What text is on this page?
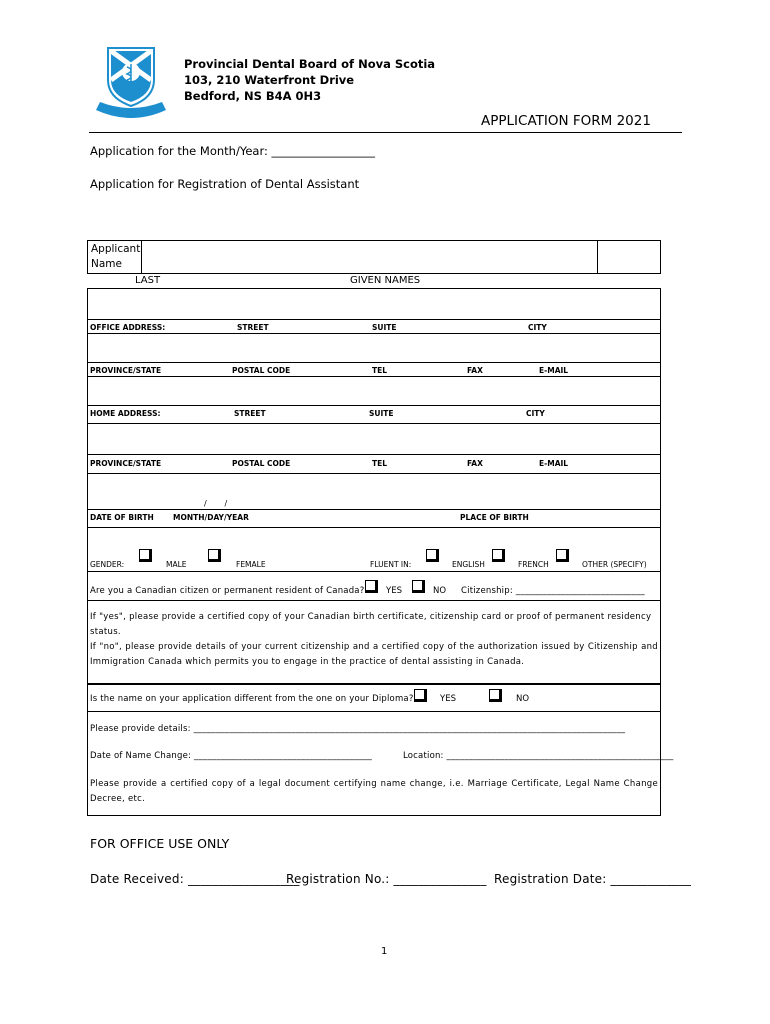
Provincial Dental Board of Nova Scotia
103, 210 Waterfront Drive
Bedford, NS B4A 0H3
APPLICATION FORM 2021
Application for the Month/Year: __________________
Application for Registration of Dental Assistant
Applicant
Name
LAST	GIVEN NAMES
OFFICE ADDRESS:	STREET	SUITE	CITY
PROVINCE/STATE	POSTAL CODE	TEL	FAX	E-MAIL
HOME ADDRESS:	STREET	SUITE	CITY
PROVINCE/STATE	POSTAL CODE	TEL	FAX	E-MAIL
/       /
DATE OF BIRTH	MONTH/DAY/YEAR	PLACE OF BIRTH
GENDER:	MALE	FEMALE	FLUENT IN:	ENGLISH	FRENCH	OTHER (SPECIFY)
Are you a Canadian citizen or permanent resident of Canada?	YES	NO Citizenship: _____________________________
If "yes", please provide a certified copy of your Canadian birth certificate, citizenship card or proof of permanent residency status.
If "no", please provide details of your current citizenship and a certified copy of the authorization issued by Citizenship and Immigration Canada which permits you to engage in the practice of dental assisting in Canada.
Is the name on your application different from the one on your Diploma?	YES	NO
Please provide details: _________________________________________________________________________________________________
Date of Name Change: ________________________________________	Location: ___________________________________________________
Please provide a certified copy of a legal document certifying name change, i.e. Marriage Certificate, Legal Name Change Decree, etc.
FOR OFFICE USE ONLY
Date Received: __________________
Registration No.: _______________ Registration Date: _____________
1
